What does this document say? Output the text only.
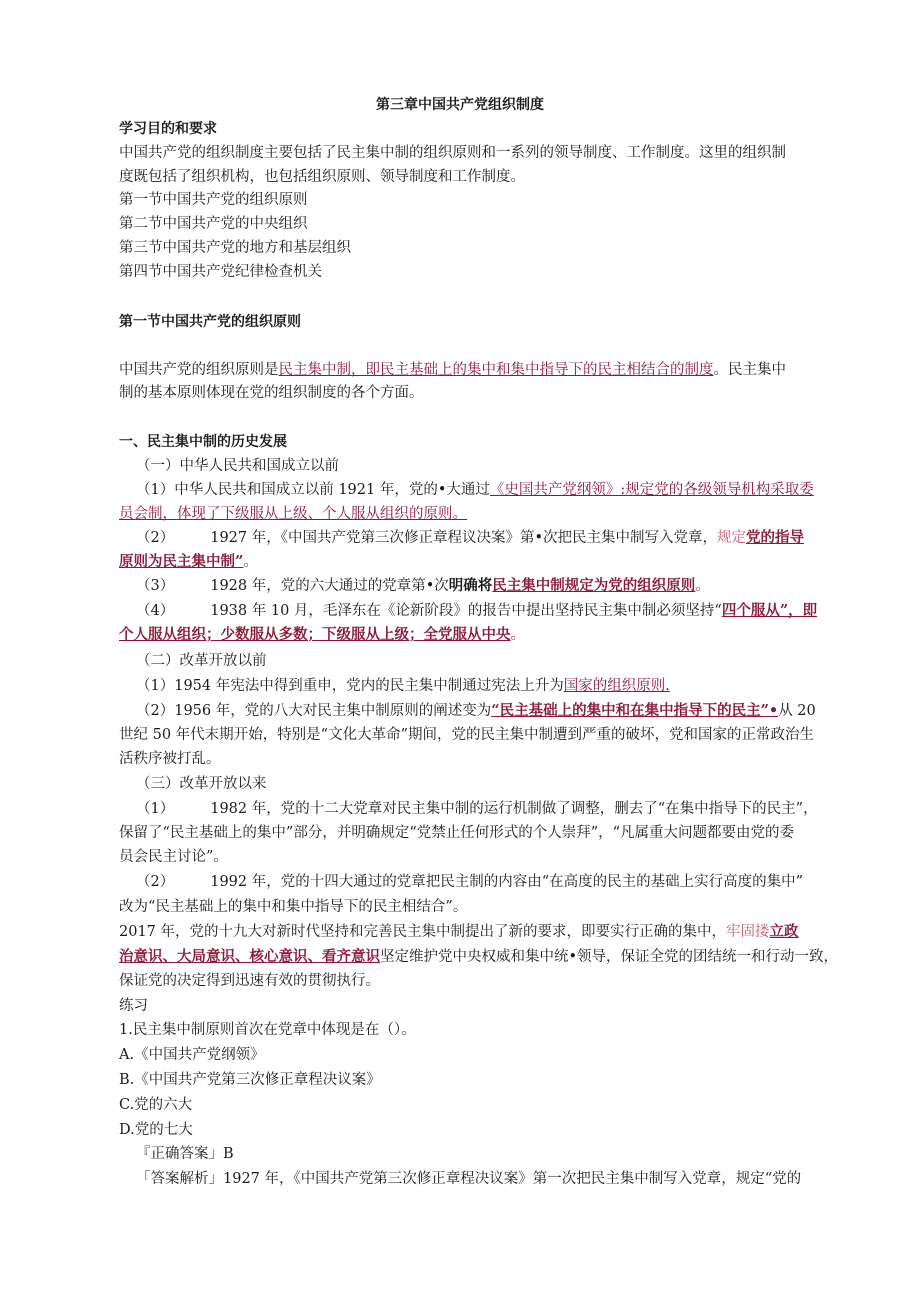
第三章中国共产党组织制度
学习目的和要求
中国共产党的组织制度主要包括了民主集中制的组织原则和一系列的领导制度、工作制度。这里的组织制
度既包括了组织机构，也包括组织原则、领导制度和工作制度。
第一节中国共产党的组织原则
第二节中国共产党的中央组织
第三节中国共产党的地方和基层组织
第四节中国共产党纪律检查机关
第一节中国共产党的组织原则
中国共产党的组织原则是民主集中制，即民主基础上的集中和集中指导下的民主相结合的制度。民主集中
制的基本原则体现在党的组织制度的各个方面。
一、民主集中制的历史发展
（一）中华人民共和国成立以前
（1）中华人民共和国成立以前 1921 年，党的•大通过《史国共产党纲领》:规定党的各级领导机构采取委
员会制，体现了下级服从上级、个人服从组织的原则。
（2） 1927 年，《中国共产党第三次修正章程议决案》第•次把民主集中制写入党章，规定党的指导
原则为民主集中制”。
（3） 1928 年，党的六大通过的党章第•次明确将民主集中制规定为党的组织原则。
（4） 1938 年 10 月，毛泽东在《论新阶段》的报告中提出坚持民主集中制必须坚持“四个服从”，即
个人服从组织；少数服从多数；下级服从上级；全党服从中央。
（二）改革开放以前
（1）1954 年宪法中得到重申，党内的民主集中制通过宪法上升为国家的组织原则.
（2）1956 年，党的八大对民主集中制原则的阐述变为“民主基础上的集中和在集中指导下的民主”•从 20
世纪 50 年代末期开始，特别是“文化大革命”期间，党的民主集中制遭到严重的破坏，党和国家的正常政治生
活秩序被打乱。
（三）改革开放以来
（1） 1982 年，党的十二大党章对民主集中制的运行机制做了调整，删去了“在集中指导下的民主”，
保留了“民主基础上的集中”部分，并明确规定“党禁止任何形式的个人崇拜”，“凡属重大问题都要由党的委
员会民主讨论”。
（2） 1992 年，党的十四大通过的党章把民主制的内容由“在高度的民主的基础上实行高度的集中”
改为“民主基础上的集中和集中指导下的民主相结合”。
2017 年，党的十九大对新时代坚持和完善民主集中制提出了新的要求，即要实行正确的集中，牢固搂立政
治意识、大局意识、核心意识、看齐意识坚定维护党中央权威和集中统•领导，保证全党的团结统一和行动一致，
保证党的决定得到迅速有效的贯彻执行。
练习
1.民主集中制原则首次在党章中体现是在（）。
A.《中国共产党纲领》
B.《中国共产党第三次修正章程决议案》
C.党的六大
D.党的七大
『正确答案」B
「答案解析」1927 年，《中国共产党第三次修正章程决议案》第一次把民主集中制写入党章，规定“党的
